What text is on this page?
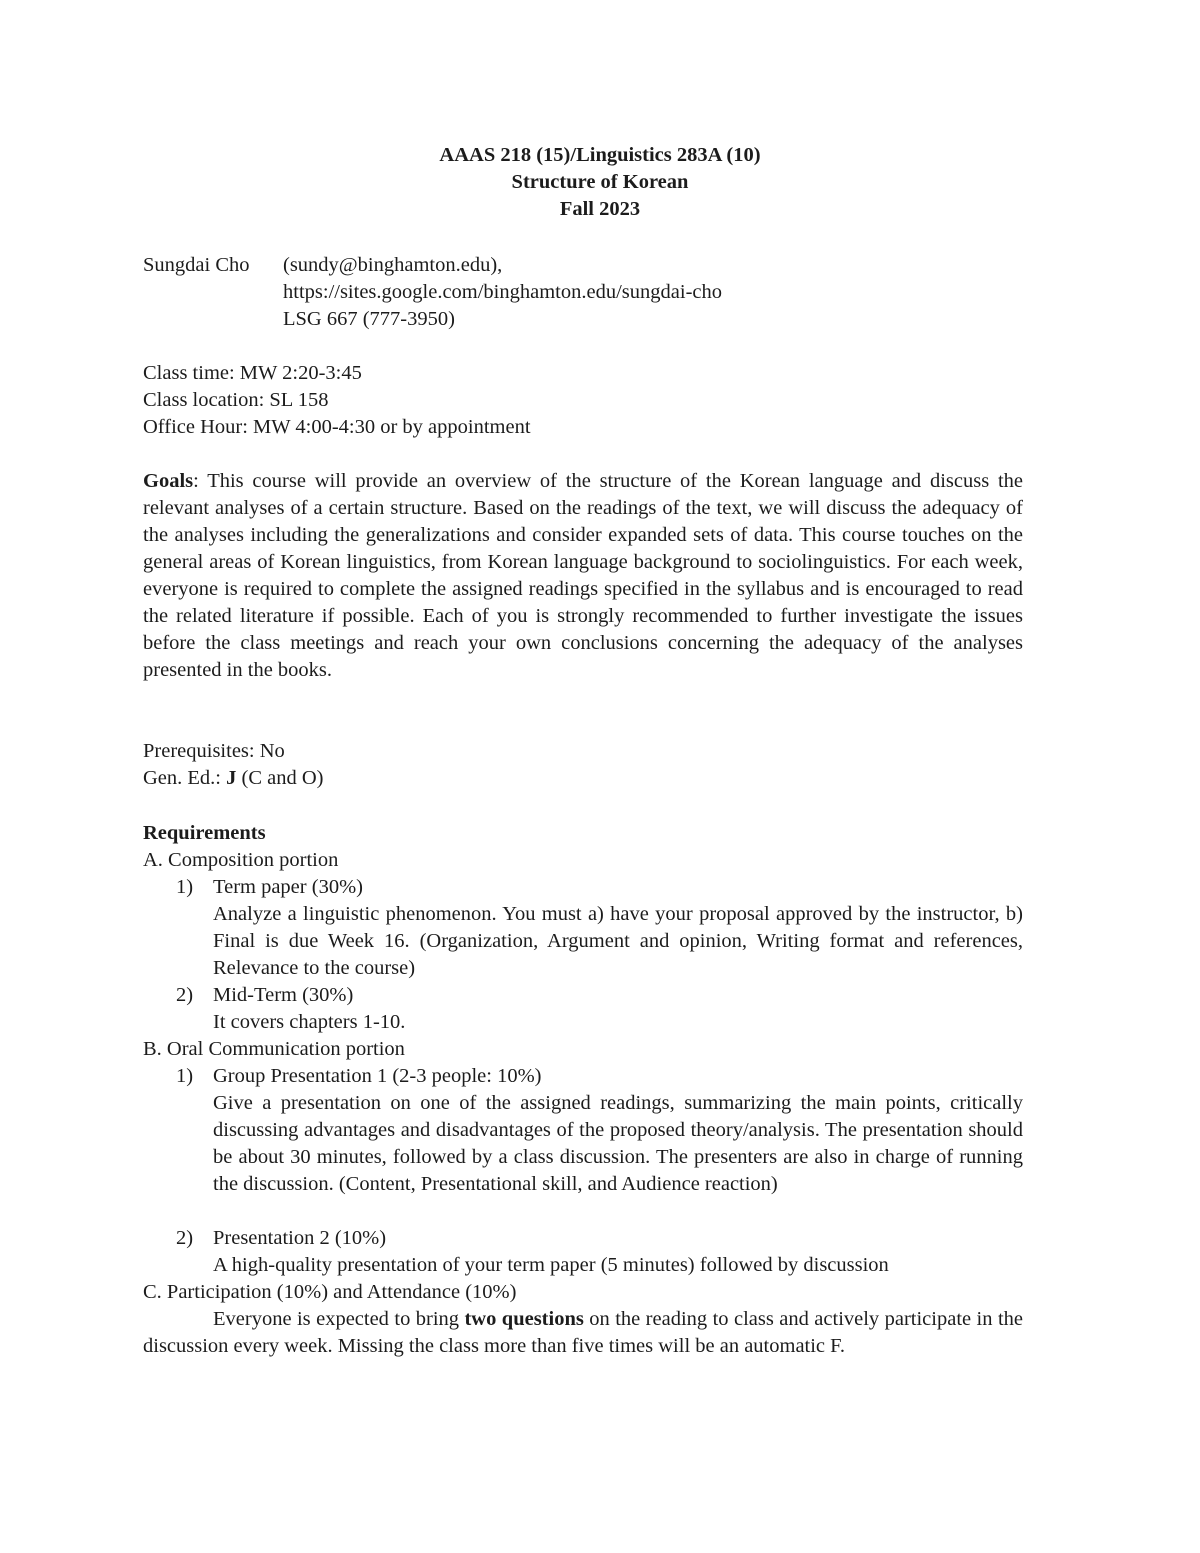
AAAS 218 (15)/Linguistics 283A (10)
Structure of Korean
Fall 2023
Sungdai Cho	(sundy@binghamton.edu),
https://sites.google.com/binghamton.edu/sungdai-cho
LSG 667 (777-3950)
Class time: MW 2:20-3:45
Class location: SL 158
Office Hour: MW 4:00-4:30 or by appointment
Goals: This course will provide an overview of the structure of the Korean language and discuss the relevant analyses of a certain structure. Based on the readings of the text, we will discuss the adequacy of the analyses including the generalizations and consider expanded sets of data. This course touches on the general areas of Korean linguistics, from Korean language background to sociolinguistics. For each week, everyone is required to complete the assigned readings specified in the syllabus and is encouraged to read the related literature if possible. Each of you is strongly recommended to further investigate the issues before the class meetings and reach your own conclusions concerning the adequacy of the analyses presented in the books.
Prerequisites: No
Gen. Ed.: J (C and O)
Requirements
A. Composition portion
1) Term paper (30%)
Analyze a linguistic phenomenon. You must a) have your proposal approved by the instructor, b) Final is due Week 16. (Organization, Argument and opinion, Writing format and references, Relevance to the course)
2) Mid-Term (30%)
It covers chapters 1-10.
B. Oral Communication portion
1) Group Presentation 1 (2-3 people: 10%)
Give a presentation on one of the assigned readings, summarizing the main points, critically discussing advantages and disadvantages of the proposed theory/analysis. The presentation should be about 30 minutes, followed by a class discussion. The presenters are also in charge of running the discussion. (Content, Presentational skill, and Audience reaction)
2) Presentation 2 (10%)
A high-quality presentation of your term paper (5 minutes) followed by discussion
C. Participation (10%) and Attendance (10%)
Everyone is expected to bring two questions on the reading to class and actively participate in the discussion every week. Missing the class more than five times will be an automatic F.
